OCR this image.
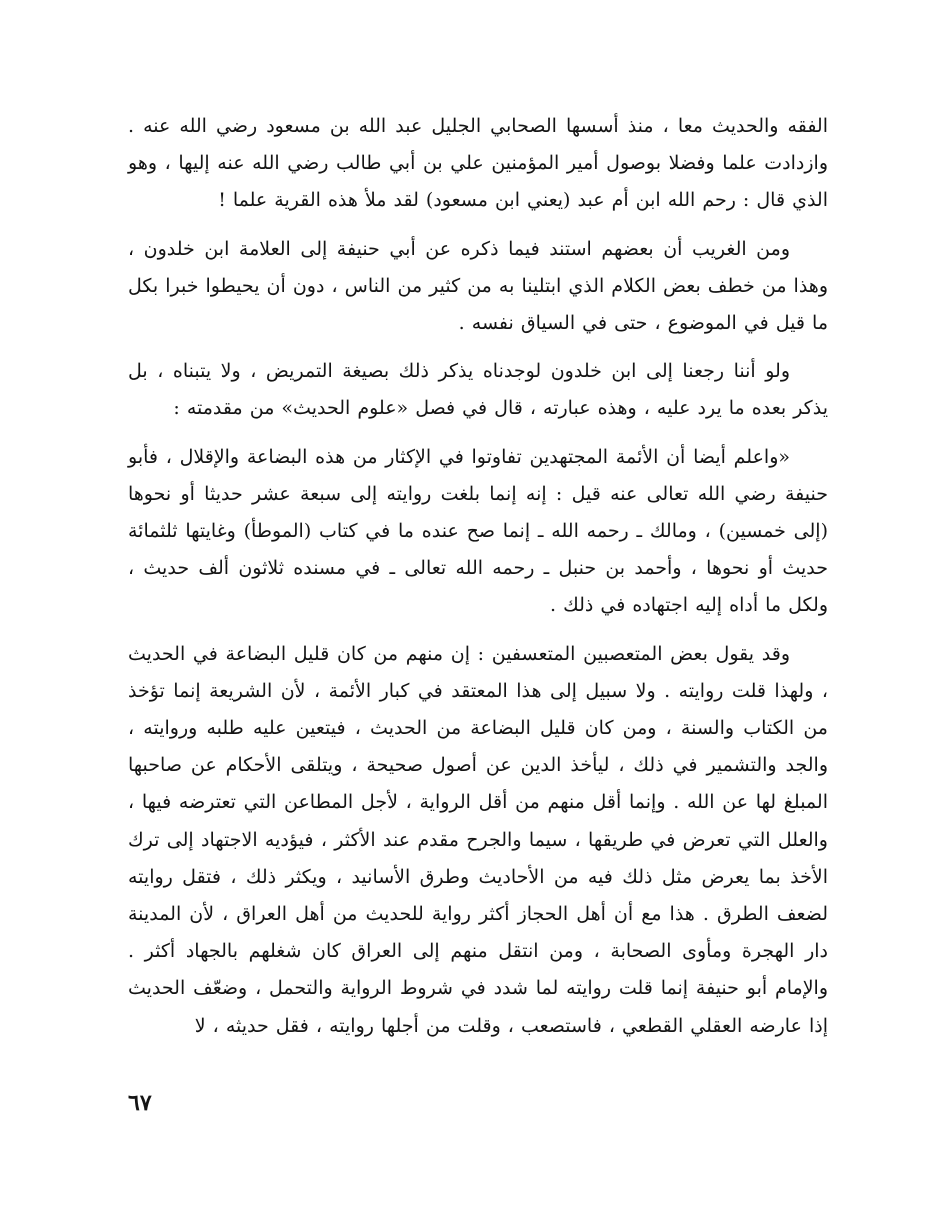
الفقه والحديث معا ، منذ أسسها الصحابي الجليل عبد الله بن مسعود رضي الله عنه . وازدادت علما وفضلا بوصول أمير المؤمنين علي بن أبي طالب رضي الله عنه إليها ، وهو الذي قال : رحم الله ابن أم عبد (يعني ابن مسعود) لقد ملأ هذه القرية علما !

ومن الغريب أن بعضهم استند فيما ذكره عن أبي حنيفة إلى العلامة ابن خلدون ، وهذا من خطف بعض الكلام الذي ابتلينا به من كثير من الناس ، دون أن يحيطوا خبرا بكل ما قيل في الموضوع ، حتى في السياق نفسه .

ولو أننا رجعنا إلى ابن خلدون لوجدناه يذكر ذلك بصيغة التمريض ، ولا يتبناه ، بل يذكر بعده ما يرد عليه ، وهذه عبارته ، قال في فصل «علوم الحديث» من مقدمته :

«واعلم أيضا أن الأئمة المجتهدين تفاوتوا في الإكثار من هذه البضاعة والإقلال ، فأبو حنيفة رضي الله تعالى عنه قيل : إنه إنما بلغت روايته إلى سبعة عشر حديثا أو نحوها (إلى خمسين) ، ومالك ـ رحمه الله ـ إنما صح عنده ما في كتاب (الموطأ) وغايتها ثلثمائة حديث أو نحوها ، وأحمد بن حنبل ـ رحمه الله تعالى ـ في مسنده ثلاثون ألف حديث ، ولكل ما أداه إليه اجتهاده في ذلك .

وقد يقول بعض المتعصبين المتعسفين : إن منهم من كان قليل البضاعة في الحديث ، ولهذا قلت روايته . ولا سبيل إلى هذا المعتقد في كبار الأئمة ، لأن الشريعة إنما تؤخذ من الكتاب والسنة ، ومن كان قليل البضاعة من الحديث ، فيتعين عليه طلبه وروايته ، والجد والتشمير في ذلك ، ليأخذ الدين عن أصول صحيحة ، ويتلقى الأحكام عن صاحبها المبلغ لها عن الله . وإنما أقل منهم من أقل الرواية ، لأجل المطاعن التي تعترضه فيها ، والعلل التي تعرض في طريقها ، سيما والجرح مقدم عند الأكثر ، فيؤديه الاجتهاد إلى ترك الأخذ بما يعرض مثل ذلك فيه من الأحاديث وطرق الأسانيد ، ويكثر ذلك ، فتقل روايته لضعف الطرق . هذا مع أن أهل الحجاز أكثر رواية للحديث من أهل العراق ، لأن المدينة دار الهجرة ومأوى الصحابة ، ومن انتقل منهم إلى العراق كان شغلهم بالجهاد أكثر . والإمام أبو حنيفة إنما قلت روايته لما شدد في شروط الرواية والتحمل ، وضعّف الحديث إذا عارضه العقلي القطعي ، فاستصعب ، وقلت من أجلها روايته ، فقل حديثه ، لا

٦٧
